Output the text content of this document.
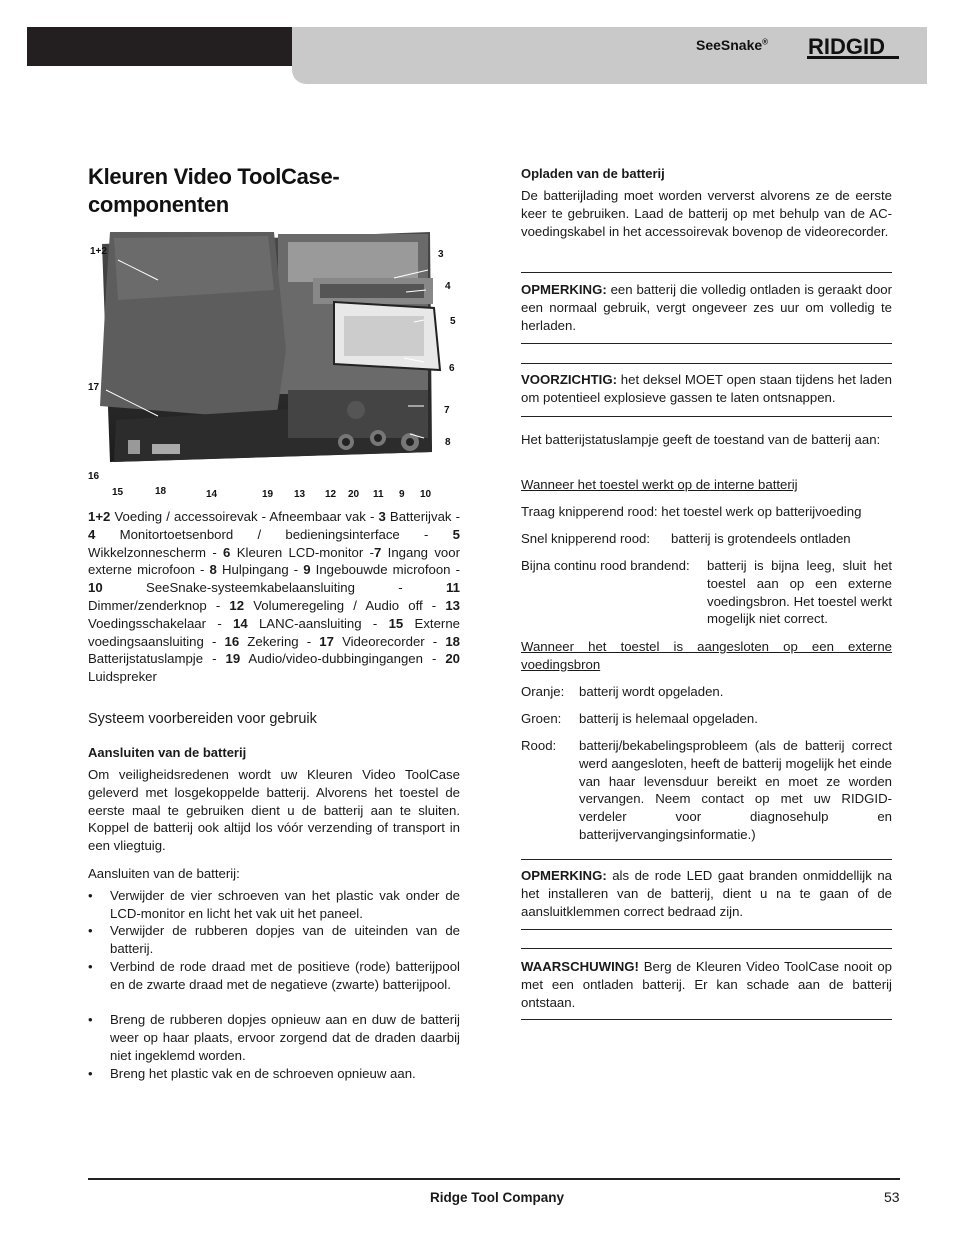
SeeSnake® RIDGID
Kleuren Video ToolCase-
componenten
1+2	3
4
5
6
7
8
17
16
15	18	14	19 13 12 20 11 9 10
1+2 Voeding / accessoirevak - Afneembaar vak - 3 Batterijvak - 4 Monitortoetsenbord / bedieningsinterface - 5 Wikkelzonnescherm - 6 Kleuren LCD-monitor -7 Ingang voor externe microfoon - 8 Hulpingang - 9 Ingebouwde microfoon - 10 SeeSnake-systeemkabelaansluiting - 11 Dimmer/zenderknop - 12 Volumeregeling / Audio off - 13 Voedingsschakelaar - 14 LANC-aansluiting - 15 Externe voedingsaansluiting - 16 Zekering - 17 Videorecorder - 18 Batterijstatuslampje - 19 Audio/video-dubbingingangen - 20 Luidspreker
Systeem voorbereiden voor gebruik
Aansluiten van de batterij
Om veiligheidsredenen wordt uw Kleuren Video ToolCase geleverd met losgekoppelde batterij. Alvorens het toestel de eerste maal te gebruiken dient u de batterij aan te sluiten. Koppel de batterij ook altijd los vóór verzending of transport in een vliegtuig.
Aansluiten van de batterij:
• Verwijder de vier schroeven van het plastic vak onder de LCD-monitor en licht het vak uit het paneel.
• Verwijder de rubberen dopjes van de uiteinden van de batterij.
• Verbind de rode draad met de positieve (rode) batterijpool en de zwarte draad met de negatieve (zwarte) batterijpool.
• Breng de rubberen dopjes opnieuw aan en duw de batterij weer op haar plaats, ervoor zorgend dat de draden daarbij niet ingeklemd worden.
• Breng het plastic vak en de schroeven opnieuw aan.
Opladen van de batterij
De batterijlading moet worden ververst alvorens ze de eerste keer te gebruiken. Laad de batterij op met behulp van de AC-voedingskabel in het accessoirevak bovenop de videorecorder.
OPMERKING: een batterij die volledig ontladen is geraakt door een normaal gebruik, vergt ongeveer zes uur om volledig te herladen.
VOORZICHTIG: het deksel MOET open staan tijdens het laden om potentieel explosieve gassen te laten ontsnappen.
Het batterijstatuslampje geeft de toestand van de batterij aan:
Wanneer het toestel werkt op de interne batterij
Traag knipperend rood: het toestel werk op batterijvoeding
Snel knipperend rood: batterij is grotendeels ontladen
Bijna continu rood brandend: batterij is bijna leeg, sluit het toestel aan op een externe voedingsbron. Het toestel werkt mogelijk niet correct.
Wanneer het toestel is aangesloten op een externe voedingsbron
Oranje: batterij wordt opgeladen.
Groen: batterij is helemaal opgeladen.
Rood: batterij/bekabelingsprobleem (als de batterij correct werd aangesloten, heeft de batterij mogelijk het einde van haar levensduur bereikt en moet ze worden vervangen. Neem contact op met uw RIDGID-verdeler voor diagnosehulp en batterijvervangingsinformatie.)
OPMERKING: als de rode LED gaat branden onmiddellijk na het installeren van de batterij, dient u na te gaan of de aansluitklemmen correct bedraad zijn.
WAARSCHUWING! Berg de Kleuren Video ToolCase nooit op met een ontladen batterij. Er kan schade aan de batterij ontstaan.
Ridge Tool Company	53
